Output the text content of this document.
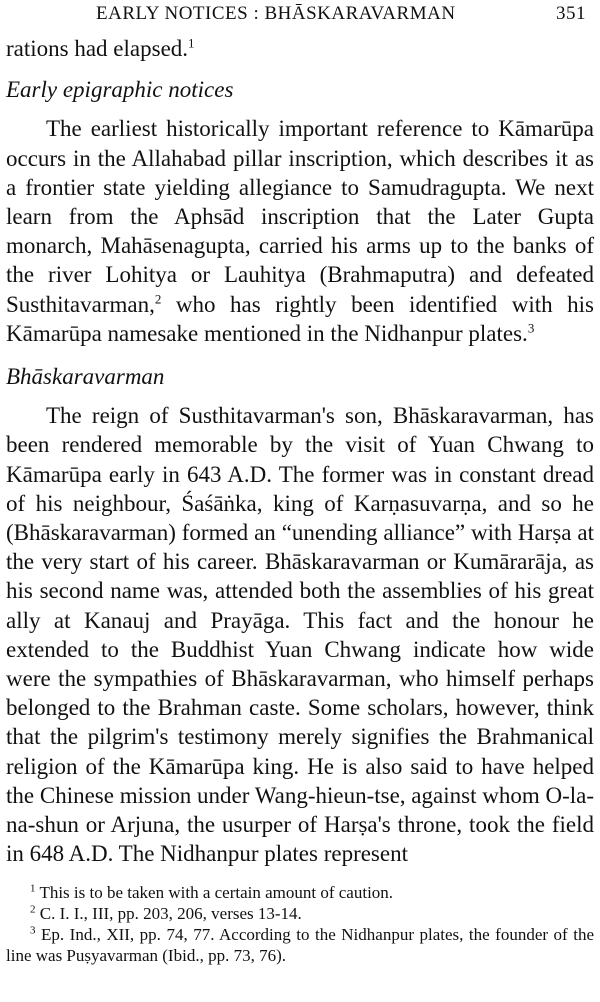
EARLY NOTICES : BHĀSKARAVARMAN	351

rations had elapsed.$^1$

Early epigraphic notices

The earliest historically important reference to Kāmarūpa occurs in the Allahabad pillar inscription, which describes it as a frontier state yielding allegiance to Samudragupta. We next learn from the Aphsād inscription that the Later Gupta monarch, Mahāsenagupta, carried his arms up to the banks of the river Lohitya or Lauhitya (Brahmaputra) and defeated Susthitavarman,$^2$ who has rightly been identified with his Kāmarūpa namesake mentioned in the Nidhanpur plates.$^3$

Bhāskaravarman

The reign of Susthitavarman's son, Bhāskaravarman, has been rendered memorable by the visit of Yuan Chwang to Kāmarūpa early in 643 A.D. The former was in constant dread of his neighbour, Śaśāṅka, king of Karṇasuvarṇa, and so he (Bhāskaravarman) formed an “unending alliance” with Harṣa at the very start of his career. Bhāskaravarman or Kumārarāja, as his second name was, attended both the assemblies of his great ally at Kanauj and Prayāga. This fact and the honour he extended to the Buddhist Yuan Chwang indicate how wide were the sympathies of Bhāskaravarman, who himself perhaps belonged to the Brahman caste. Some scholars, however, think that the pilgrim's testimony merely signifies the Brahmanical religion of the Kāmarūpa king. He is also said to have helped the Chinese mission under Wang-hieun-tse, against whom O-la-na-shun or Arjuna, the usurper of Harṣa's throne, took the field in 648 A.D. The Nidhanpur plates represent

$^1$ This is to be taken with a certain amount of caution.

$^2$ C. I. I., III, pp. 203, 206, verses 13-14.

$^3$ Ep. Ind., XII, pp. 74, 77. According to the Nidhanpur plates, the founder of the line was Puṣyavarman (Ibid., pp. 73, 76).
